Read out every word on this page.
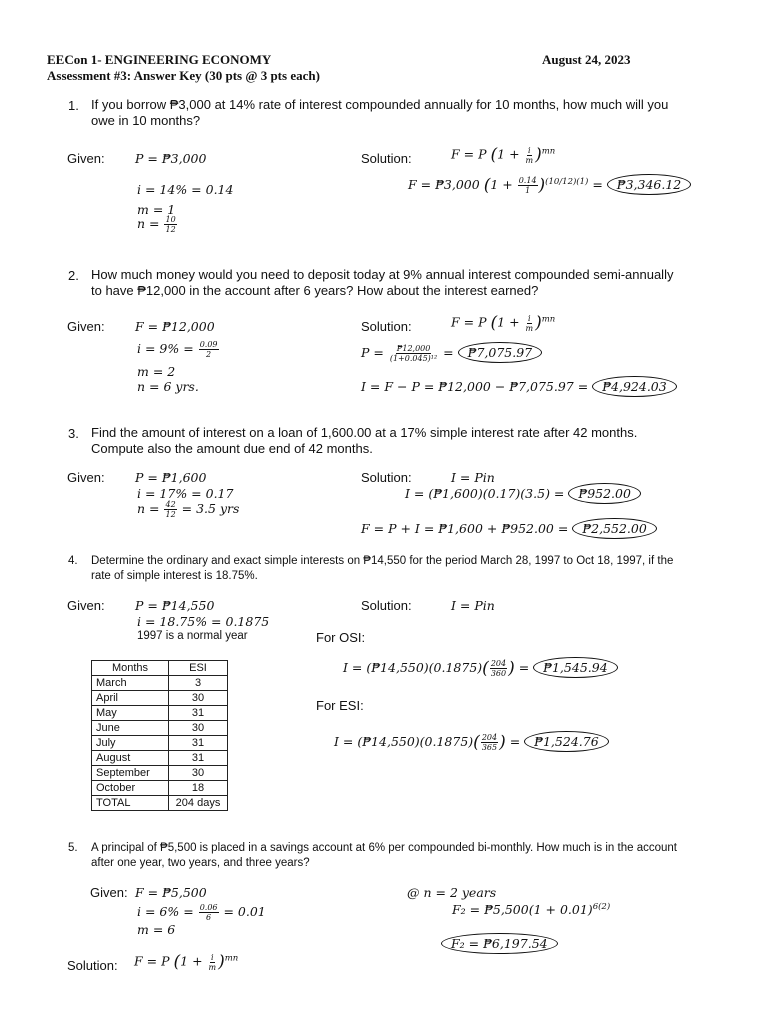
EECon 1- ENGINEERING ECONOMY	August 24, 2023
Assessment #3: Answer Key (30 pts @ 3 pts each)
1. If you borrow ₱3,000 at 14% rate of interest compounded annually for 10 months, how much will you owe in 10 months?
Given: P = ₱3,000
i = 14% = 0.14
m = 1
$n = \frac{10}{12}$
Solution:	F = P $(1 + \frac{i}{m} )^{mn}$
F = ₱3,000 $(1 + \frac{0.14}{1} )^{(10/12)(1)}$ = ₱3,346.12
2. How much money would you need to deposit today at 9% annual interest compounded semi-annually to have ₱12,000 in the account after 6 years? How about the interest earned?
Given: F = ₱12,000
$i = 9\% = \frac{0.09}{2}$
m = 2
n = 6 yrs.
Solution:	F = P $(1 + \frac{i}{m} )^{mn}$
$P = \frac{₱12,000}{\text{(1+0.045)¹²}}$ = ₱7,075.97
I = F − P = ₱12,000 − ₱7,075.97 = ₱4,924.03
3. Find the amount of interest on a loan of 1,600.00 at a 17% simple interest rate after 42 months. Compute also the amount due end of 42 months.
Given: P = ₱1,600
i = 17% = 0.17
$n = \frac{42}{12} = 3.5$ yrs
Solution:	I = Pin
I = (₱1,600)(0.17)(3.5) = ₱952.00
F = P + I = ₱1,600 + ₱952.00 = ₱2,552.00
4. Determine the ordinary and exact simple interests on ₱14,550 for the period March 28, 1997 to Oct 18, 1997, if the rate of simple interest is 18.75%.
Given: P = ₱14,550
i = 18.75% = 0.1875
1997 is a normal year
Solution:	I = Pin
For OSI:
I = (₱14,550)(0.1875)( $\frac{204}{360}$ ) = ₱1,545.94
For ESI:
I = (₱14,550)(0.1875)( $\frac{204}{365}$ ) = ₱1,524.76
Months	ESI
March	3
April	30
May	31
June	30
July	31
August	31
September	30
October	18
TOTAL	204 days
5. A principal of ₱5,500 is placed in a savings account at 6% per compounded bi-monthly. How much is in the account after one year, two years, and three years?
Given: F = ₱5,500
$i = 6\% = \frac{0.06}{6} = 0.01$
m = 6
Solution: F = P $(1 + \frac{i}{m} )^{mn}$
@ n = 2 years
F₂ = ₱5,500(1 + 0.01)$^{6(2)}$
F₂ = ₱6,197.54
